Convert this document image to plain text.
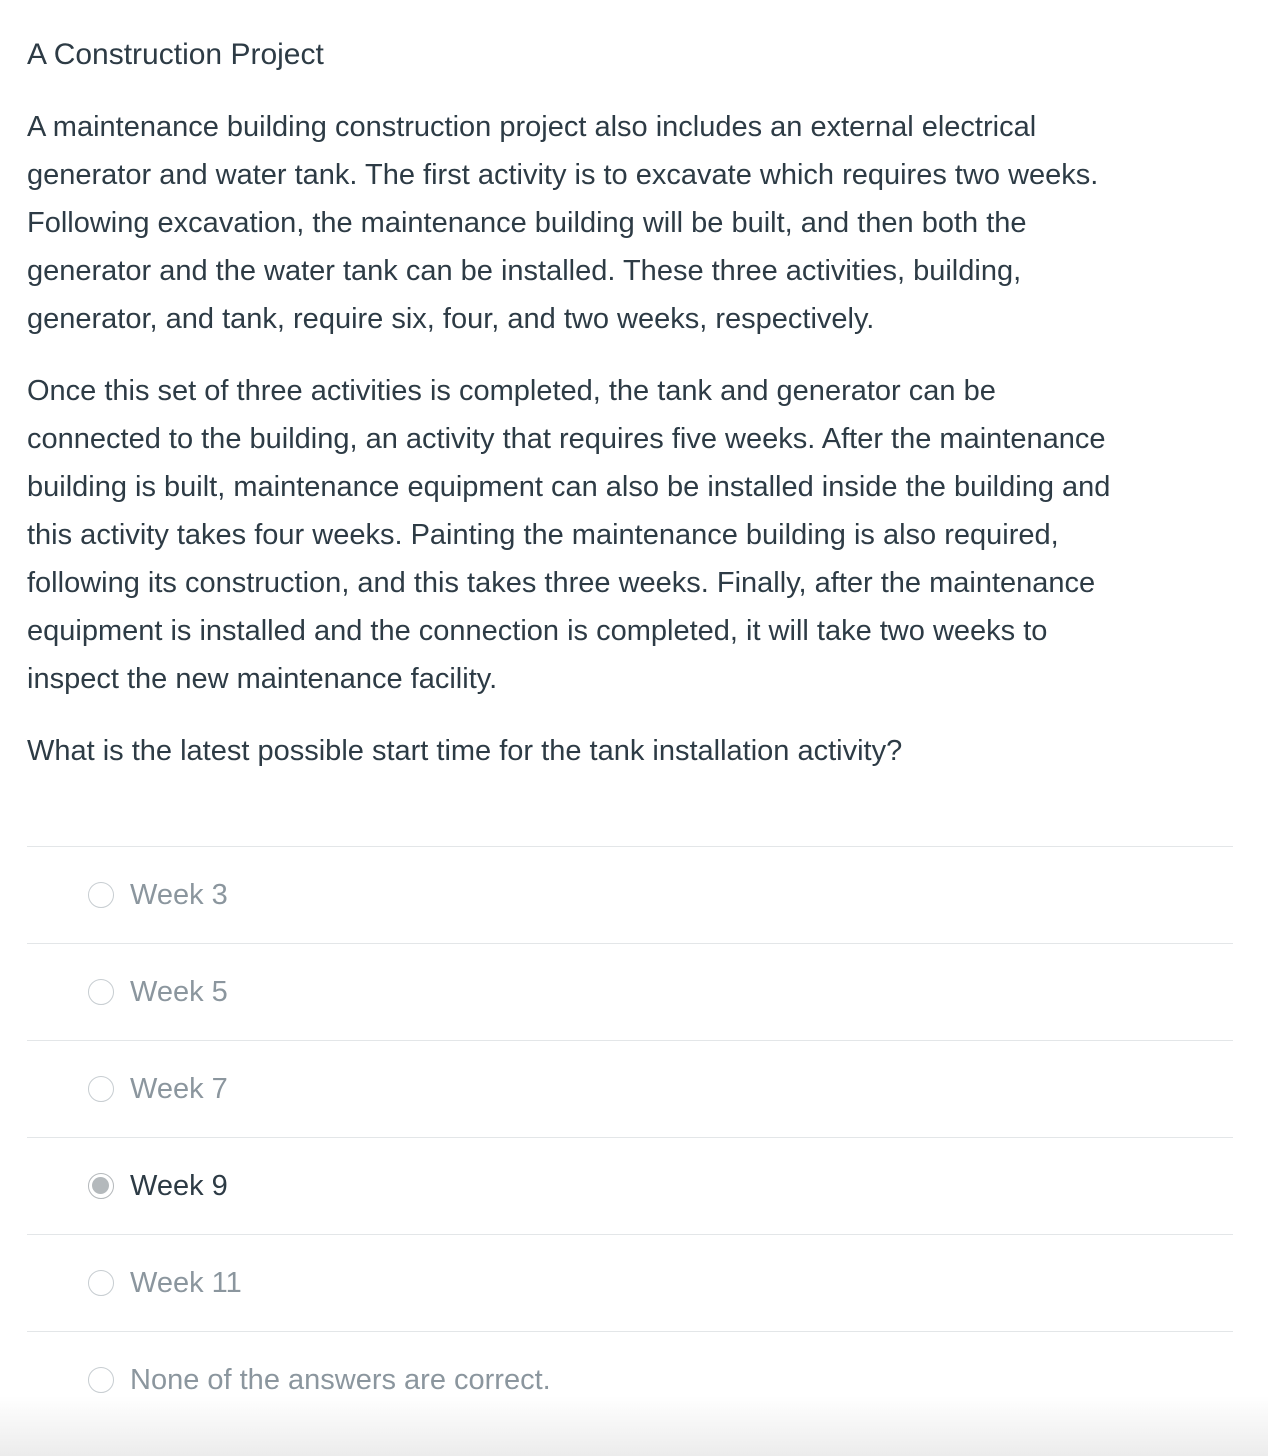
A Construction Project
A maintenance building construction project also includes an external electrical
generator and water tank. The first activity is to excavate which requires two weeks.
Following excavation, the maintenance building will be built, and then both the
generator and the water tank can be installed. These three activities, building,
generator, and tank, require six, four, and two weeks, respectively.
Once this set of three activities is completed, the tank and generator can be
connected to the building, an activity that requires five weeks. After the maintenance
building is built, maintenance equipment can also be installed inside the building and
this activity takes four weeks. Painting the maintenance building is also required,
following its construction, and this takes three weeks. Finally, after the maintenance
equipment is installed and the connection is completed, it will take two weeks to
inspect the new maintenance facility.
What is the latest possible start time for the tank installation activity?
Week 3
Week 5
Week 7
Week 9
Week 11
None of the answers are correct.
